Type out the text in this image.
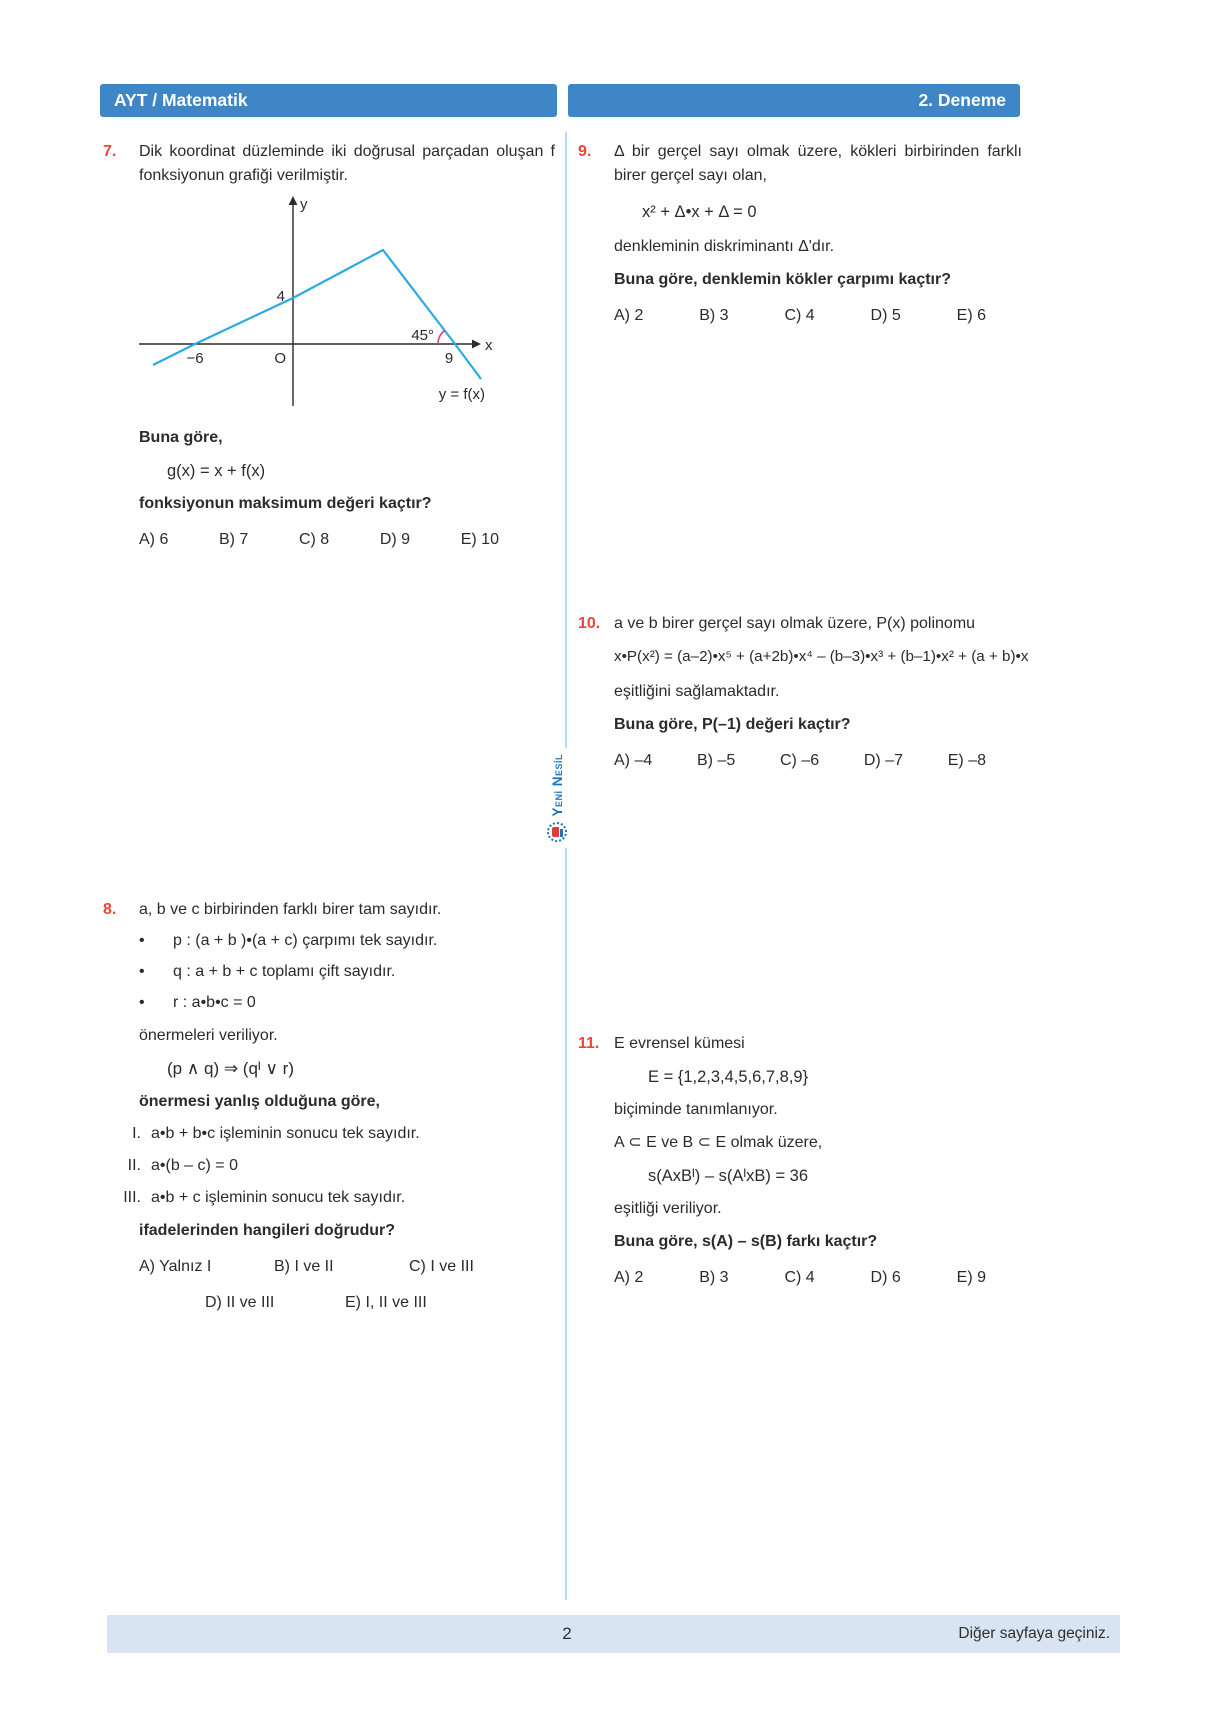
AYT / Matematik	2. Deneme
Yeni Nesil
7.	Dik koordinat düzleminde iki doğrusal parçadan oluşan f fonksiyonun grafiği verilmiştir.

y
x
4
−6	O	9
45°
y = f(x)
Buna göre,
g(x) = x + f(x)
fonksiyonun maksimum değeri kaçtır?
A) 6	B) 7	C) 8	D) 9	E) 10
8.	a, b ve c birbirinden farklı birer tam sayıdır.

•	p : (a + b )•(a + c) çarpımı tek sayıdır.
•	q : a + b + c toplamı çift sayıdır.
•	r : a•b•c = 0
önermeleri veriliyor.
(p ∧ q) ⇒ (qᴵ ∨ r)
önermesi yanlış olduğuna göre,
I. a•b + b•c işleminin sonucu tek sayıdır.
II. a•(b – c) = 0
III. a•b + c işleminin sonucu tek sayıdır.
ifadelerinden hangileri doğrudur?
A) Yalnız I	B) I ve II	C) I ve III
D) II ve III	E) I, II ve III
9.	Δ bir gerçel sayı olmak üzere, kökleri birbirinden farklı birer gerçel sayı olan,

x² + Δ•x + Δ = 0
denkleminin diskriminantı Δ'dır.
Buna göre, denklemin kökler çarpımı kaçtır?
A) 2	B) 3	C) 4	D) 5	E) 6
10. a ve b birer gerçel sayı olmak üzere, P(x) polinomu

x•P(x²) = (a–2)•x⁵ + (a+2b)•x⁴ – (b–3)•x³ + (b–1)•x² + (a + b)•x
eşitliğini sağlamaktadır.
Buna göre, P(–1) değeri kaçtır?
A) –4	B) –5	C) –6	D) –7	E) –8
11. E evrensel kümesi

E = {1,2,3,4,5,6,7,8,9}
biçiminde tanımlanıyor.
A ⊂ E ve B ⊂ E olmak üzere,
s(AxBᴵ) – s(AᴵxB) = 36
eşitliği veriliyor.
Buna göre, s(A) – s(B) farkı kaçtır?
A) 2	B) 3	C) 4	D) 6	E) 9
2	Diğer sayfaya geçiniz.
